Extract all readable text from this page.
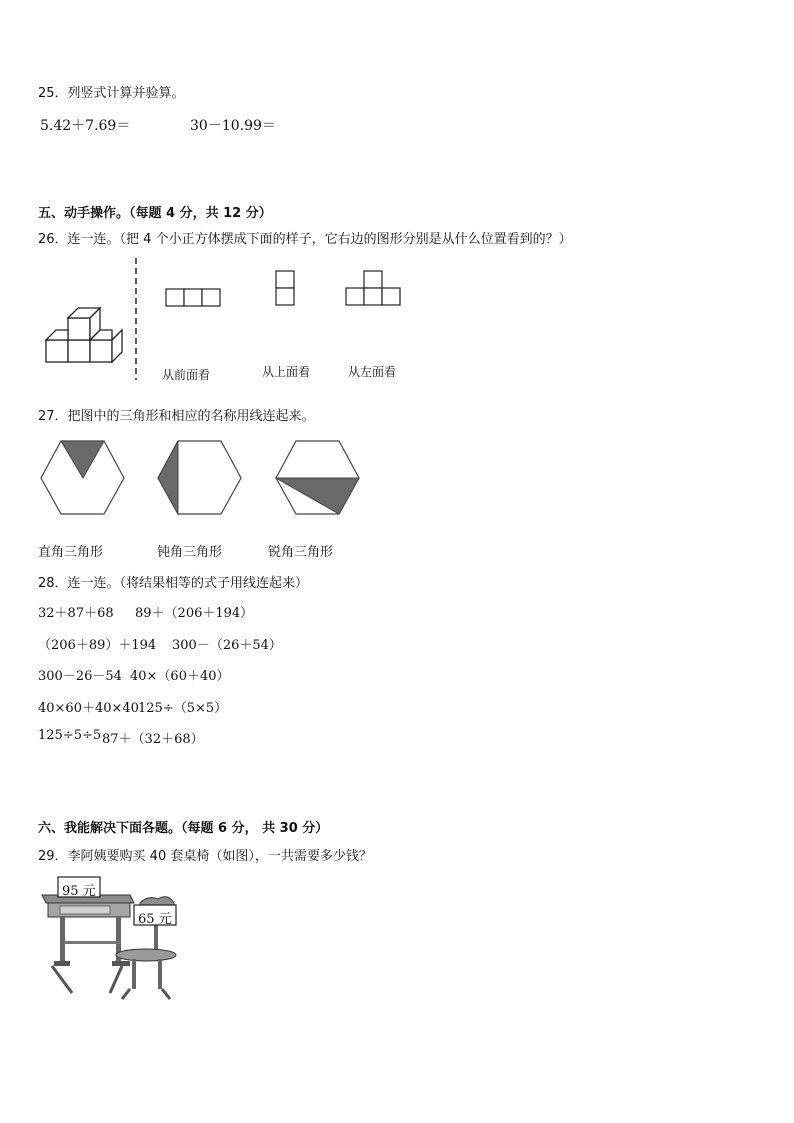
25．列竖式计算并验算。
5.42＋7.69＝	30－10.99＝
五、动手操作。（每题 4 分，共 12 分）
26．连一连。（把 4 个小正方体摆成下面的样子，它右边的图形分别是从什么位置看到的？）
从前面看	从上面看	从左面看
27．把图中的三角形和相应的名称用线连起来。
直角三角形	钝角三角形	锐角三角形
28．连一连。（将结果相等的式子用线连起来）
32＋87＋68 89＋（206＋194）
（206＋89）＋194 300－（26＋54）
300－26－54 40×（60＋40）
40×60＋40×40 125÷（5×5）
125÷5÷5 87＋（32＋68）
六、我能解决下面各题。（每题 6 分， 共 30 分）
29．李阿姨要购买 40 套桌椅（如图），一共需要多少钱？
95 元
65 元
